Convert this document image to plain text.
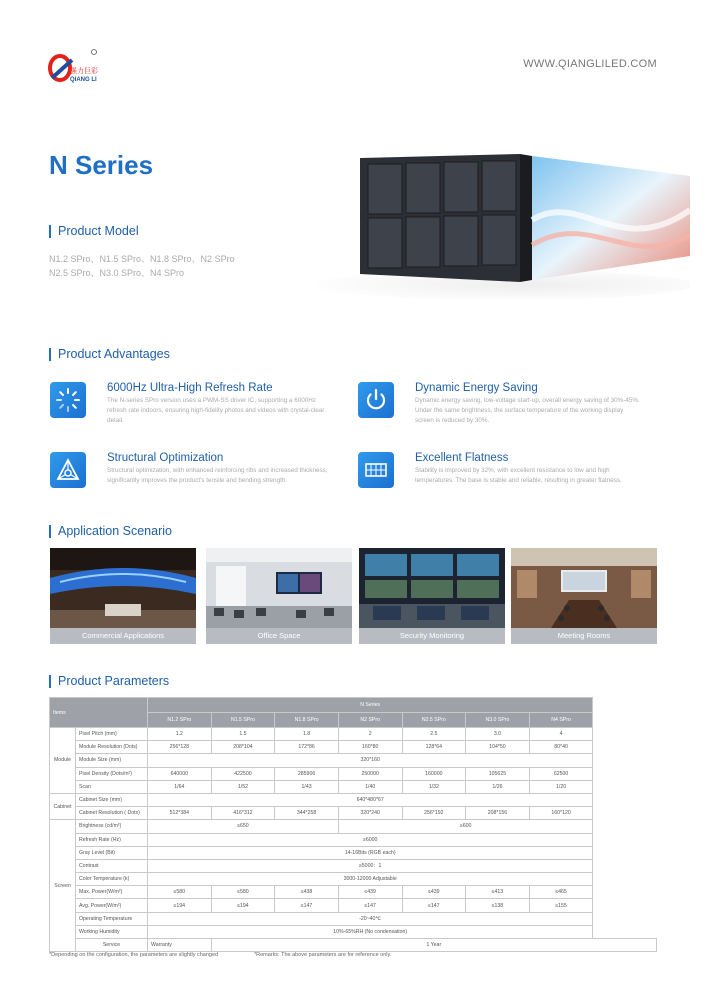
强力巨彩
QIANG LI
WWW.QIANGLILED.COM
N Series
Product Model
N1.2 SPro、N1.5 SPro、N1.8 SPro、N2 SPro
N2.5 SPro、N3.0 SPro、N4 SPro
Product Advantages
6000Hz Ultra-High Refresh Rate
The N-series SPro version uses a PWM-SS driver IC, supporting a 6000Hz refresh rate indoors, ensuring high-fidelity photos and videos with crystal-clear detail.
Dynamic Energy Saving
Dynamic energy saving, low-voltage start-up, overall energy saving of 30%-45%. Under the same brightness, the surface temperature of the working display screen is reduced by 30%.
Structural Optimization
Structural optimization, with enhanced reinforcing ribs and increased thickness, significantly improves the product's tensile and bending strength.
Excellent Flatness
Stability is improved by 32%, with excellent resistance to low and high temperatures. The base is stable and reliable, resulting in greater flatness.
Application Scenario
Commercial Applications	Office Space	Security Monitoring	Meeting Rooms
Product Parameters
Items		N Series						
		N1.2 SPro	N1.5 SPro	N1.8 SPro	N2 SPro	N2.5 SPro	N3.0 SPro	N4 SPro
Module	Pixel Pitch (mm)	1.2	1.5	1.8	2	2.5	3.0	4
	Module Resolution (Dots)	256*128	208*104	172*86	160*80	128*64	104*50	80*40
	Module Size (mm)	320*160						
	Pixel Density (Dots/m²)	640000	422500	285906	250000	160000	105625	62500
	Scan	1/64	1/52	1/43	1/40	1/32	1/26	1/20
Cabinet	Cabinet Size (mm)	640*480*67						
	Cabinet Resolution ( Dots)	512*384	416*312	344*258	320*240	256*192	208*156	160*120
Screen	Brightness (cd/m²)	≥650			≥600			
	Refresh Rate (Hz)	≥6000						
	Gray Level (Bit)	14-16Bits (RGB each)						
	Contrast	≥5000：1						
	Color Temperature (k)	3000-12000 Adjustable						
	Max. Power(W/m²)	≤580	≤580	≤438	≤439	≤439	≤413	≤465
	Avg. Power(W/m²)	≤194	≤194	≤147	≤147	≤147	≤138	≤155
	Operating Temperature	-20~40℃						
	Working Humidity	10%-65%RH (No condensation)						
	Service	Warranty	1 Year					
*Depending on the configuration, the parameters are slightly changed	*Remarks: The above parameters are for reference only.
